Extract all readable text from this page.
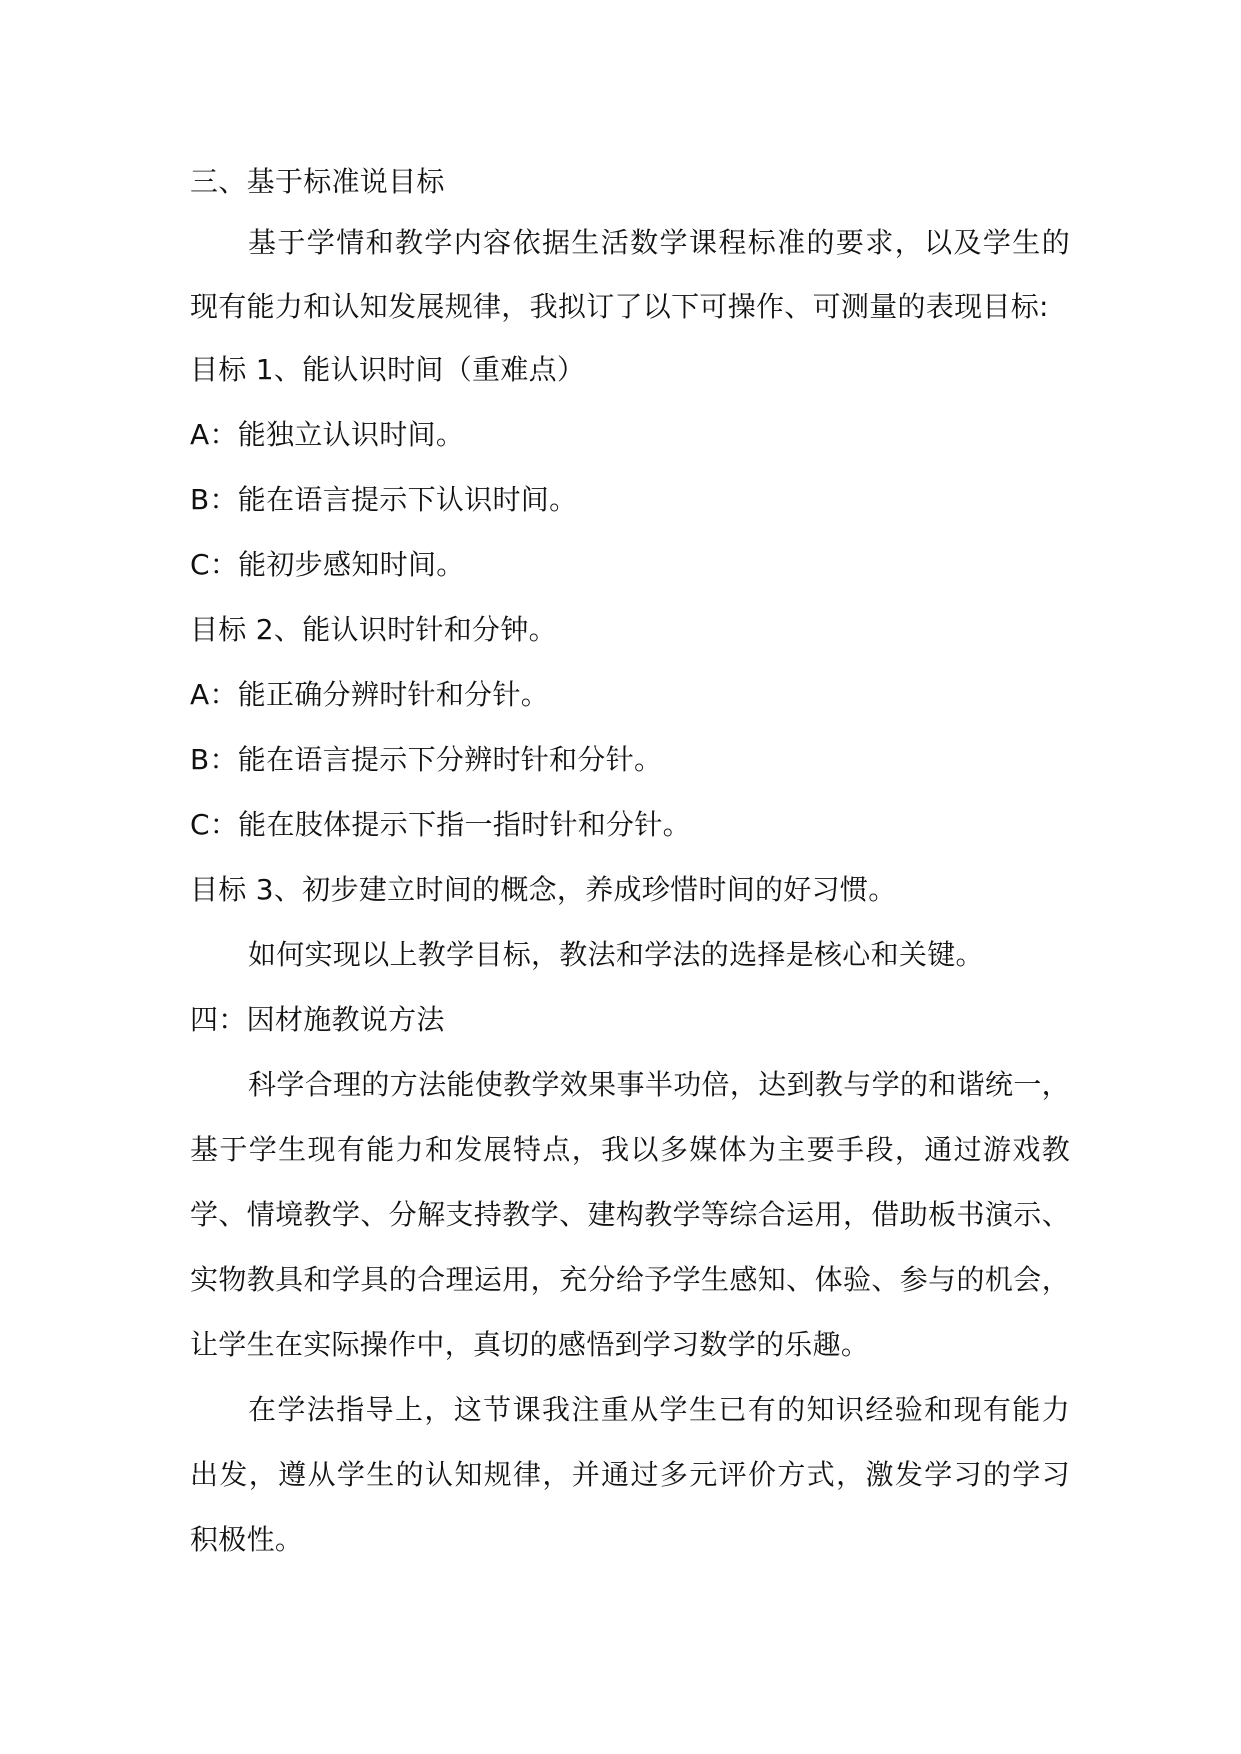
三、基于标准说目标
基于学情和教学内容依据生活数学课程标准的要求，以及学生的
现有能力和认知发展规律，我拟订了以下可操作、可测量的表现目标:
目标 1、能认识时间（重难点）
A：能独立认识时间。
B：能在语言提示下认识时间。
C：能初步感知时间。
目标 2、能认识时针和分钟。
A：能正确分辨时针和分针。
B：能在语言提示下分辨时针和分针。
C：能在肢体提示下指一指时针和分针。
目标 3、初步建立时间的概念，养成珍惜时间的好习惯。
如何实现以上教学目标，教法和学法的选择是核心和关键。
四：因材施教说方法
科学合理的方法能使教学效果事半功倍，达到教与学的和谐统一，
基于学生现有能力和发展特点，我以多媒体为主要手段，通过游戏教
学、情境教学、分解支持教学、建构教学等综合运用，借助板书演示、
实物教具和学具的合理运用，充分给予学生感知、体验、参与的机会，
让学生在实际操作中，真切的感悟到学习数学的乐趣。
在学法指导上，这节课我注重从学生已有的知识经验和现有能力
出发，遵从学生的认知规律，并通过多元评价方式，激发学习的学习
积极性。
